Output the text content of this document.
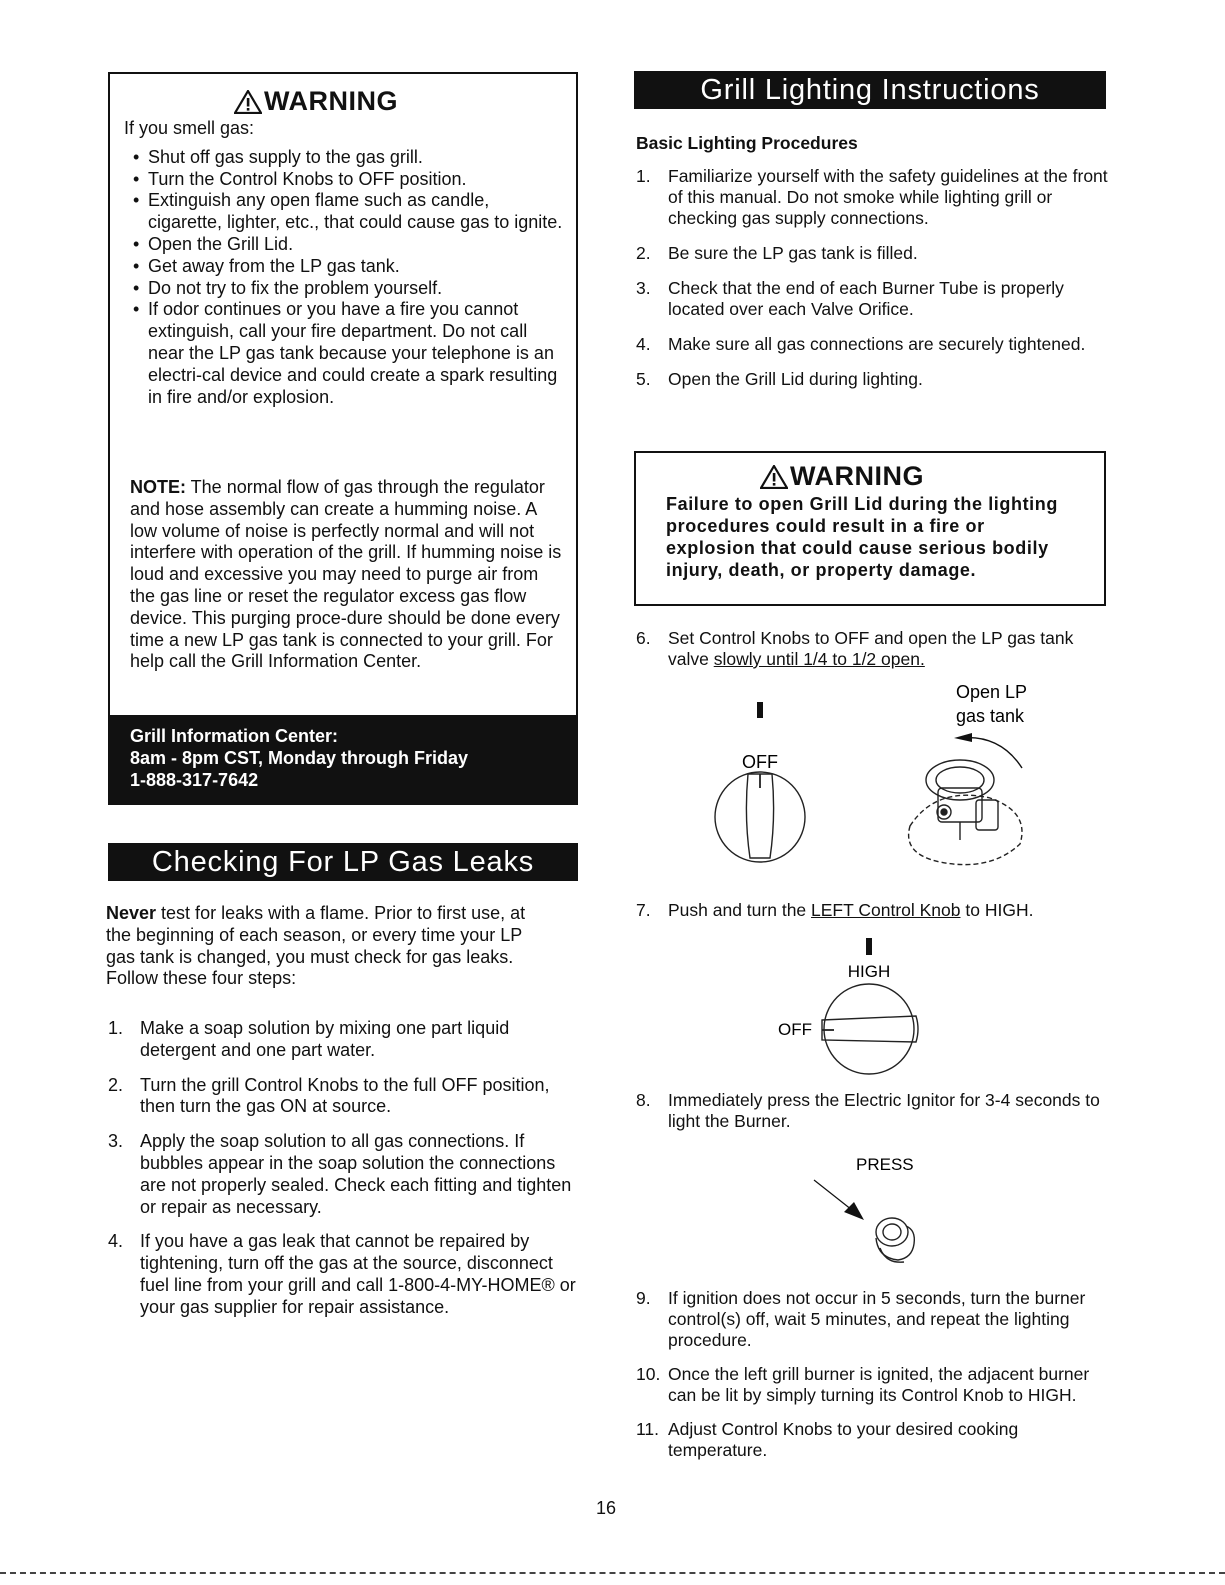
WARNING
If you smell gas:
• Shut off gas supply to the gas grill.
• Turn the Control Knobs to OFF position.
• Extinguish any open flame such as candle, cigarette, lighter, etc., that could cause gas to ignite.
• Open the Grill Lid.
• Get away from the LP gas tank.
• Do not try to fix the problem yourself.
• If odor continues or you have a fire you cannot extinguish, call your fire department. Do not call near the LP gas tank because your telephone is an electri-cal device and could create a spark resulting in fire and/or explosion.
NOTE: The normal flow of gas through the regulator and hose assembly can create a humming noise. A low volume of noise is perfectly normal and will not interfere with operation of the grill. If humming noise is loud and excessive you may need to purge air from the gas line or reset the regulator excess gas flow device. This purging proce-dure should be done every time a new LP gas tank is connected to your grill. For help call the Grill Information Center.
Grill Information Center:
8am - 8pm CST, Monday through Friday
1-888-317-7642
Checking For LP Gas Leaks
Never test for leaks with a flame. Prior to first use, at the beginning of each season, or every time your LP gas tank is changed, you must check for gas leaks. Follow these four steps:
1. Make a soap solution by mixing one part liquid detergent and one part water.
2. Turn the grill Control Knobs to the full OFF position, then turn the gas ON at source.
3. Apply the soap solution to all gas connections. If bubbles appear in the soap solution the connections are not properly sealed. Check each fitting and tighten or repair as necessary.
4. If you have a gas leak that cannot be repaired by tightening, turn off the gas at the source, disconnect fuel line from your grill and call 1-800-4-MY-HOME® or your gas supplier for repair assistance.
Grill Lighting Instructions
Basic Lighting Procedures
1. Familiarize yourself with the safety guidelines at the front of this manual. Do not smoke while lighting grill or checking gas supply connections.
2. Be sure the LP gas tank is filled.
3. Check that the end of each Burner Tube is properly located over each Valve Orifice.
4. Make sure all gas connections are securely tightened.
5. Open the Grill Lid during lighting.
WARNING
Failure to open Grill Lid during the lighting procedures could result in a fire or explosion that could cause serious bodily injury, death, or property damage.
6. Set Control Knobs to OFF and open the LP gas tank valve slowly until 1/4 to 1/2 open.
OFF
Open LP
gas tank
7. Push and turn the LEFT Control Knob to HIGH.
HIGH
OFF
8. Immediately press the Electric Ignitor for 3-4 seconds to light the Burner.
PRESS
9. If ignition does not occur in 5 seconds, turn the burner control(s) off, wait 5 minutes, and repeat the lighting procedure.
10. Once the left grill burner is ignited, the adjacent burner can be lit by simply turning its Control Knob to HIGH.
11. Adjust Control Knobs to your desired cooking temperature.
16
